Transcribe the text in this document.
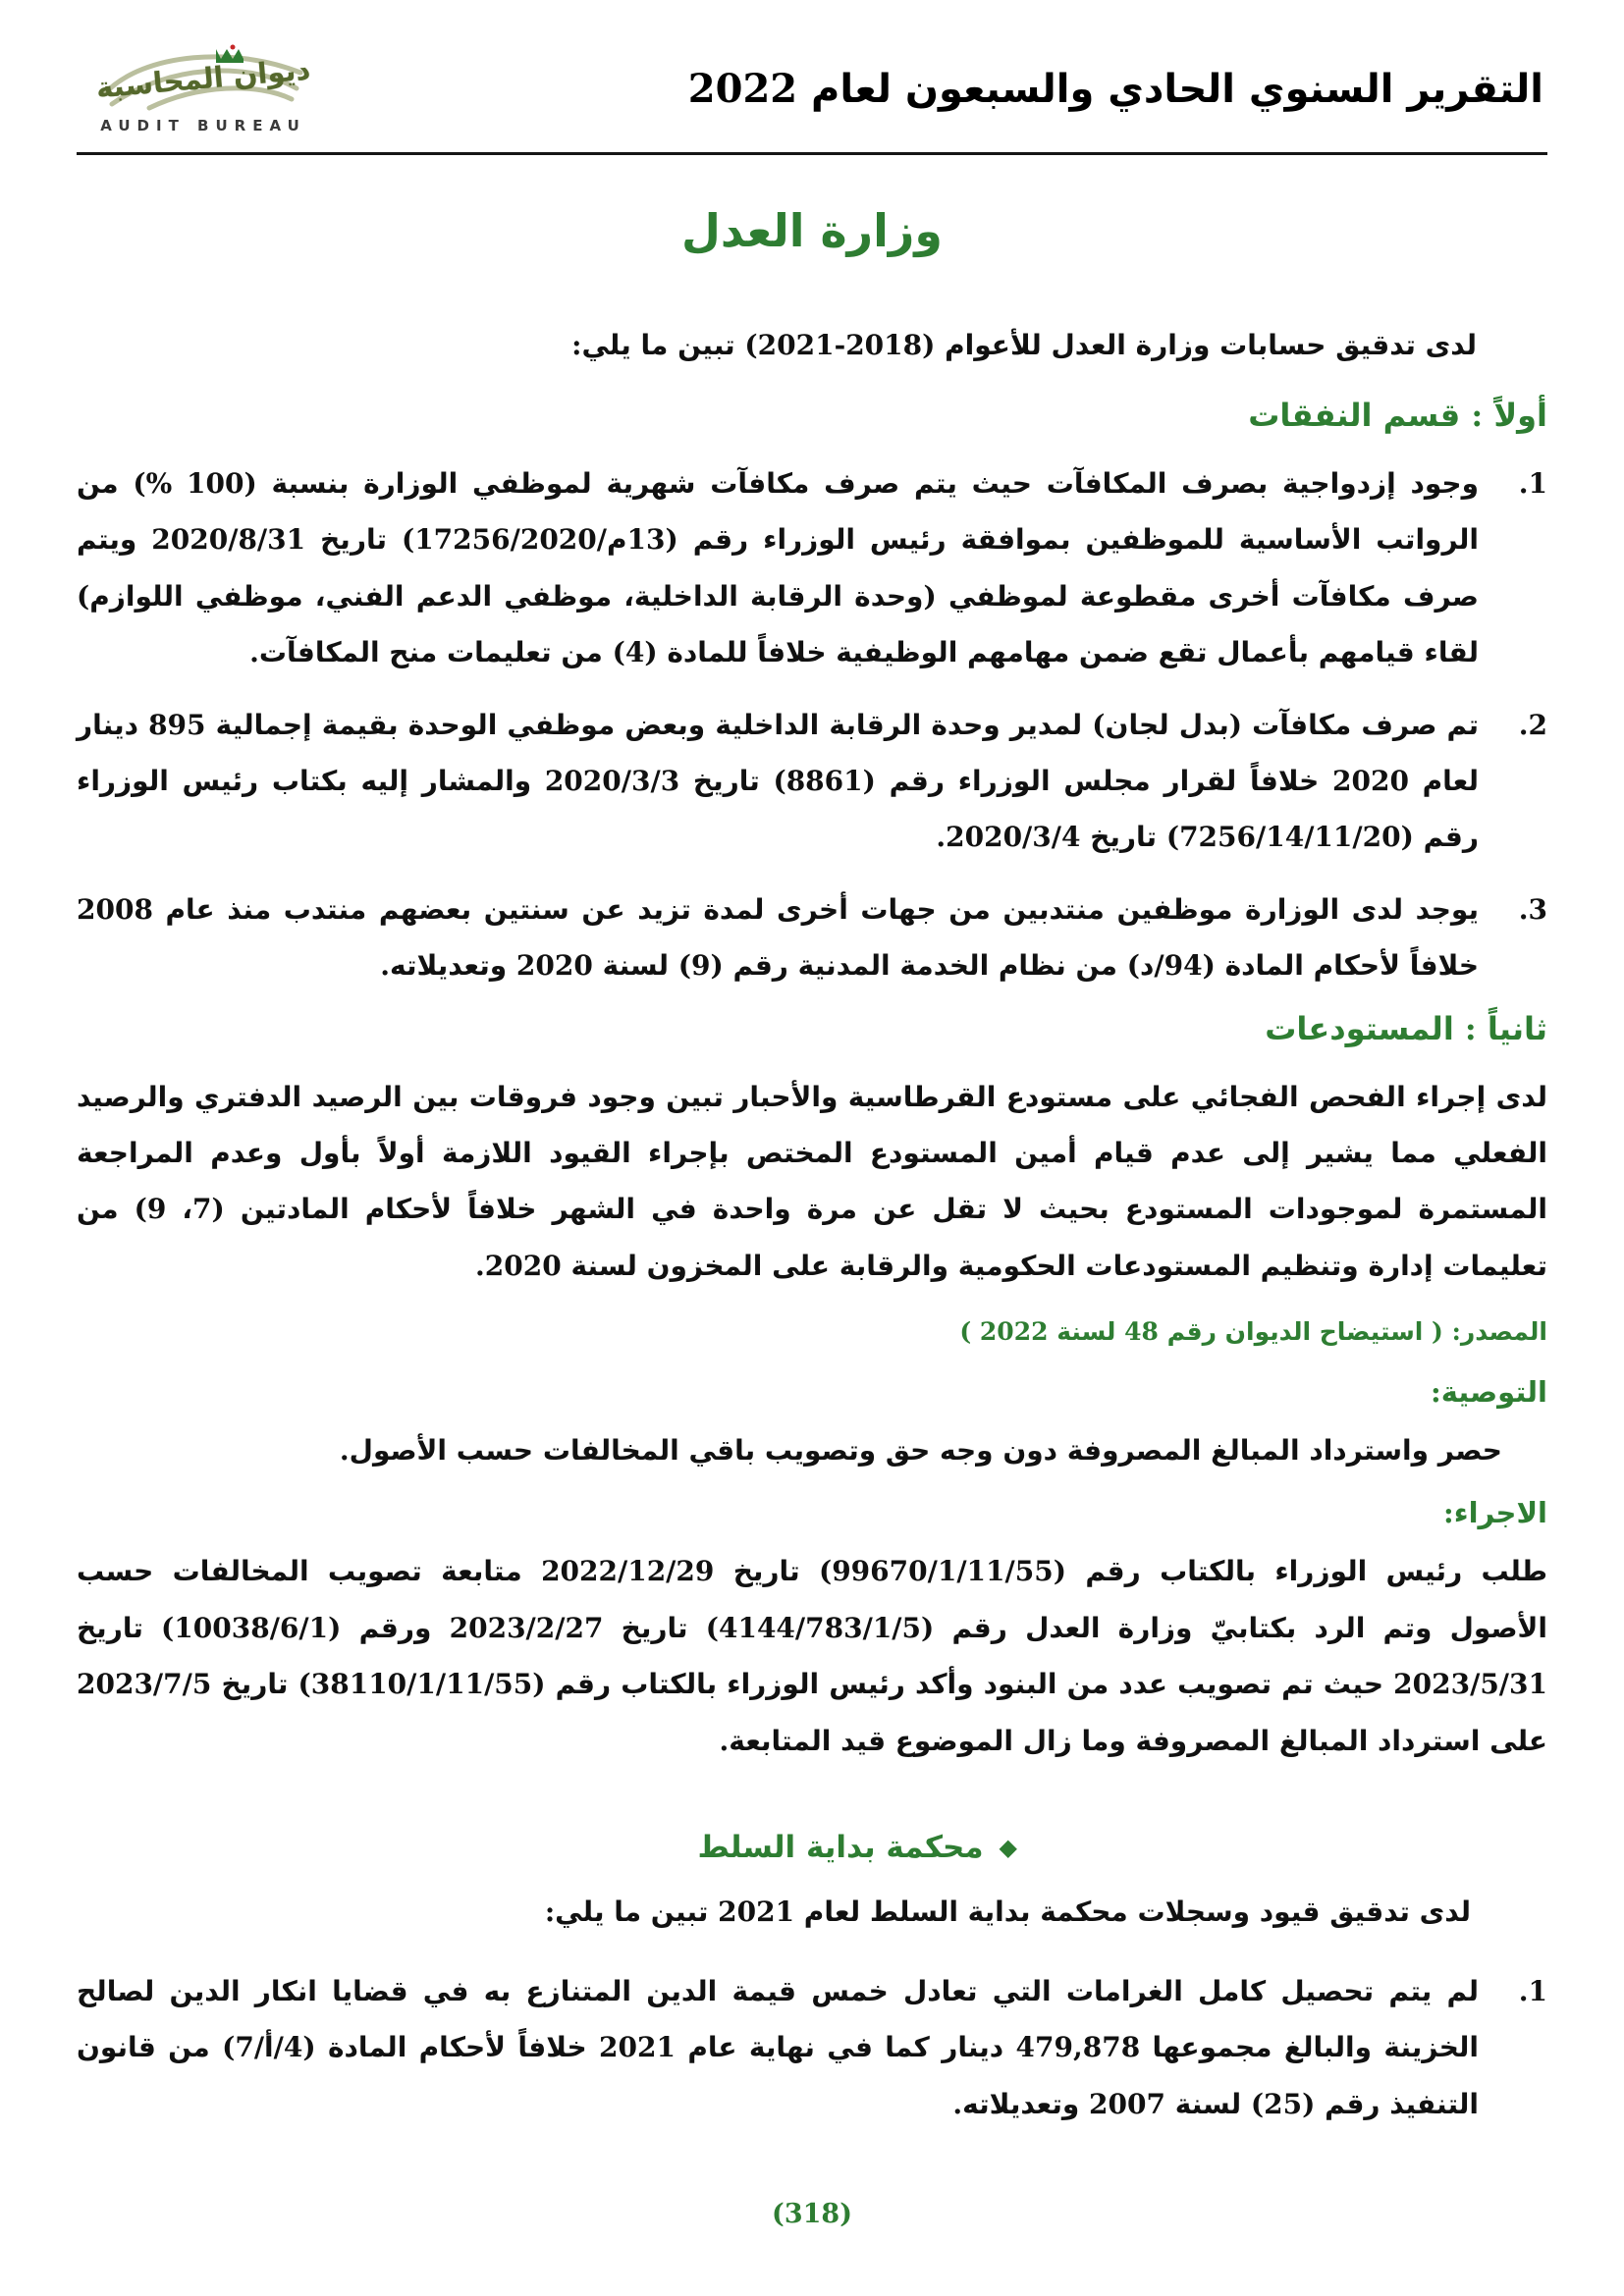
التقرير السنوي الحادي والسبعون لعام 2022
ديوان المحاسبة
AUDIT BUREAU
وزارة العدل

لدى تدقيق حسابات وزارة العدل للأعوام (2018-2021) تبين ما يلي:

أولاً : قسم النفقات
1.
وجود إزدواجية بصرف المكافآت حيث يتم صرف مكافآت شهرية لموظفي الوزارة بنسبة (100 %) من الرواتب الأساسية للموظفين بموافقة رئيس الوزراء رقم (13م/17256/2020) تاريخ 2020/8/31 ويتم صرف مكافآت أخرى مقطوعة لموظفي (وحدة الرقابة الداخلية، موظفي الدعم الفني، موظفي اللوازم) لقاء قيامهم بأعمال تقع ضمن مهامهم الوظيفية خلافاً للمادة (4) من تعليمات منح المكافآت.
2.
تم صرف مكافآت (بدل لجان) لمدير وحدة الرقابة الداخلية وبعض موظفي الوحدة بقيمة إجمالية 895 دينار لعام 2020 خلافاً لقرار مجلس الوزراء رقم (8861) تاريخ 2020/3/3 والمشار إليه بكتاب رئيس الوزراء رقم (7256/14/11/20) تاريخ 2020/3/4.
3.
يوجد لدى الوزارة موظفين منتدبين من جهات أخرى لمدة تزيد عن سنتين بعضهم منتدب منذ عام 2008 خلافاً لأحكام المادة (94/د) من نظام الخدمة المدنية رقم (9) لسنة 2020 وتعديلاته.
ثانياً : المستودعات

لدى إجراء الفحص الفجائي على مستودع القرطاسية والأحبار تبين وجود فروقات بين الرصيد الدفتري والرصيد الفعلي مما يشير إلى عدم قيام أمين المستودع المختص بإجراء القيود اللازمة أولاً بأول وعدم المراجعة المستمرة لموجودات المستودع بحيث لا تقل عن مرة واحدة في الشهر خلافاً لأحكام المادتين (7، 9) من تعليمات إدارة وتنظيم المستودعات الحكومية والرقابة على المخزون لسنة 2020.

المصدر: ( استيضاح الديوان رقم 48 لسنة 2022 )

التوصية:

حصر واسترداد المبالغ المصروفة دون وجه حق وتصويب باقي المخالفات حسب الأصول.

الاجراء:

طلب رئيس الوزراء بالكتاب رقم (99670/1/11/55) تاريخ 2022/12/29 متابعة تصويب المخالفات حسب الأصول وتم الرد بكتابيّ وزارة العدل رقم (4144/783/1/5) تاريخ 2023/2/27 ورقم (10038/6/1) تاريخ 2023/5/31 حيث تم تصويب عدد من البنود وأكد رئيس الوزراء بالكتاب رقم (38110/1/11/55) تاريخ 2023/7/5 على استرداد المبالغ المصروفة وما زال الموضوع قيد المتابعة.

◆
محكمة بداية السلط

لدى تدقيق قيود وسجلات محكمة بداية السلط لعام 2021 تبين ما يلي:

1.
لم يتم تحصيل كامل الغرامات التي تعادل خمس قيمة الدين المتنازع به في قضايا انكار الدين لصالح الخزينة والبالغ مجموعها 479,878 دينار كما في نهاية عام 2021 خلافاً لأحكام المادة (4/أ/7) من قانون التنفيذ رقم (25) لسنة 2007 وتعديلاته.
(318)
